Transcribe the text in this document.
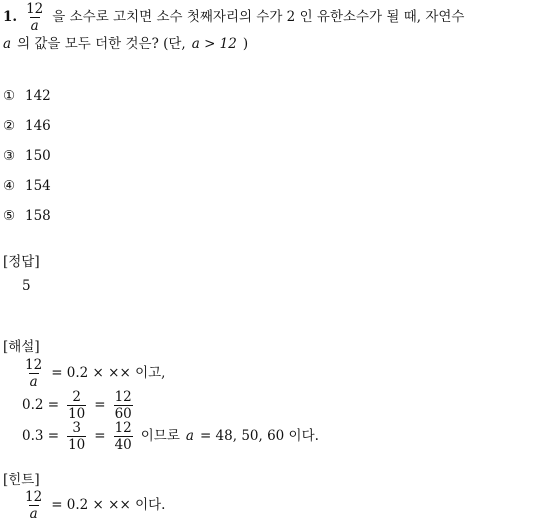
1. $\frac{12}{a}$ 을 소수로 고치면 소수 첫째자리의 수가 2 인 유한소수가 될 때, 자연수
a 의 값을 모두 더한 것은? (단, a > 12 )
① 142
② 146
③ 150
④ 154
⑤ 158
[정답]
5
[해설]
$\frac{12}{a} = 0.2$ × ×× 이고,
$0.2 = \frac{2}{10} = \frac{12}{60}$
$0.3 = \frac{3}{10} = \frac{12}{40}$ 이므로 a = 48, 50, 60 이다.
[힌트]
$\frac{12}{a} = 0.2$ × ×× 이다.
